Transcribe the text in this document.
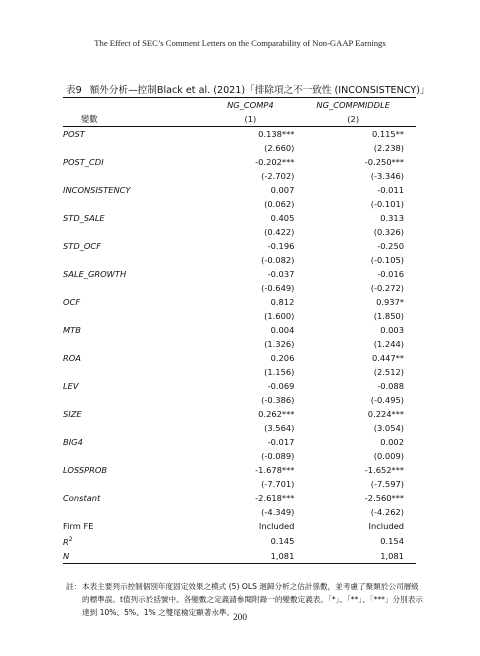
The Effect of SEC’s Comment Letters on the Comparability of Non-GAAP Earnings
表9 額外分析—控制Black et al. (2021)「排除項之不一致性 (INCONSISTENCY)」
	NG_COMP4	NG_COMPMIDDLE
變數	(1)	(2)
POST	0.138***	0.115**
	(2.660)	(2.238)
POST_CDI	-0.202***	-0.250***
	(-2.702)	(-3.346)
INCONSISTENCY	0.007	-0.011
	(0.062)	(-0.101)
STD_SALE	0.405	0.313
	(0.422)	(0.326)
STD_OCF	-0.196	-0.250
	(-0.082)	(-0.105)
SALE_GROWTH	-0.037	-0.016
	(-0.649)	(-0.272)
OCF	0.812	0.937*
	(1.600)	(1.850)
MTB	0.004	0.003
	(1.326)	(1.244)
ROA	0.206	0.447**
	(1.156)	(2.512)
LEV	-0.069	-0.088
	(-0.386)	(-0.495)
SIZE	0.262***	0.224***
	(3.564)	(3.054)
BIG4	-0.017	0.002
	(-0.089)	(0.009)
LOSSPROB	-1.678***	-1.652***
	(-7.701)	(-7.597)
Constant	-2.618***	-2.560***
	(-4.349)	(-4.262)
Firm FE	Included	Included
$R^2$	0.145	0.154
N	1,081	1,081
註： 本表主要列示控制個別年度固定效果之模式 (5) OLS 迴歸分析之估計係數，並考慮了聚類於公司層級的標準誤。t值列示於括號中。各變數之定義請參閱附錄一的變數定義表。「*」、「**」、「***」分別表示達到 10%、5%、1% 之雙尾檢定顯著水準。
200
